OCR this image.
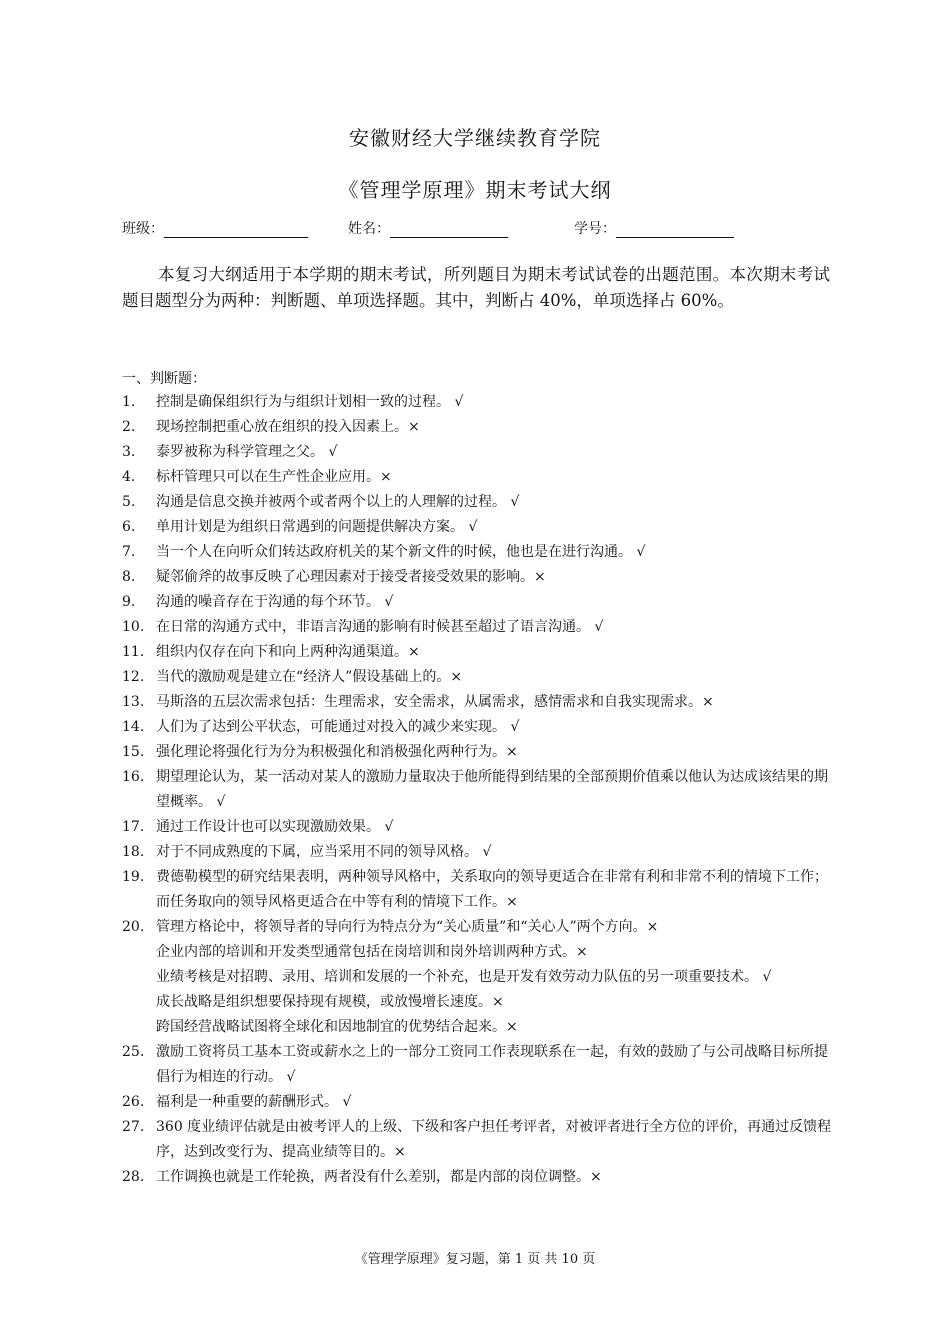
安徽财经大学继续教育学院
《管理学原理》期末考试大纲
班级：	姓名：	学号：
本复习大纲适用于本学期的期末考试，所列题目为期末考试试卷的出题范围。本次期末考试题目题型分为两种：判断题、单项选择题。其中，判断占 40%，单项选择占 60%。
一、判断题：
1. 控制是确保组织行为与组织计划相一致的过程。 √
2. 现场控制把重心放在组织的投入因素上。×
3. 泰罗被称为科学管理之父。 √
4. 标杆管理只可以在生产性企业应用。×
5. 沟通是信息交换并被两个或者两个以上的人理解的过程。 √
6. 单用计划是为组织日常遇到的问题提供解决方案。 √
7. 当一个人在向听众们转达政府机关的某个新文件的时候，他也是在进行沟通。 √
8. 疑邻偷斧的故事反映了心理因素对于接受者接受效果的影响。×
9. 沟通的噪音存在于沟通的每个环节。 √
10. 在日常的沟通方式中，非语言沟通的影响有时候甚至超过了语言沟通。 √
11. 组织内仅存在向下和向上两种沟通渠道。×
12. 当代的激励观是建立在“经济人”假设基础上的。×
13. 马斯洛的五层次需求包括：生理需求，安全需求，从属需求，感情需求和自我实现需求。×
14. 人们为了达到公平状态，可能通过对投入的减少来实现。 √
15. 强化理论将强化行为分为积极强化和消极强化两种行为。×
16. 期望理论认为，某一活动对某人的激励力量取决于他所能得到结果的全部预期价值乘以他认为达成该结果的期望概率。 √
17. 通过工作设计也可以实现激励效果。 √
18. 对于不同成熟度的下属，应当采用不同的领导风格。 √
19. 费德勒模型的研究结果表明，两种领导风格中，关系取向的领导更适合在非常有利和非常不利的情境下工作；而任务取向的领导风格更适合在中等有利的情境下工作。×
20. 管理方格论中，将领导者的导向行为特点分为“关心质量”和“关心人”两个方向。×
企业内部的培训和开发类型通常包括在岗培训和岗外培训两种方式。×
业绩考核是对招聘、录用、培训和发展的一个补充，也是开发有效劳动力队伍的另一项重要技术。 √
成长战略是组织想要保持现有规模，或放慢增长速度。×
跨国经营战略试图将全球化和因地制宜的优势结合起来。×
25. 激励工资将员工基本工资或薪水之上的一部分工资同工作表现联系在一起，有效的鼓励了与公司战略目标所提倡行为相连的行动。 √
26. 福利是一种重要的薪酬形式。 √
27. 360 度业绩评估就是由被考评人的上级、下级和客户担任考评者，对被评者进行全方位的评价，再通过反馈程序，达到改变行为、提高业绩等目的。×
28. 工作调换也就是工作轮换，两者没有什么差别，都是内部的岗位调整。×
《管理学原理》复习题，第 1 页 共 10 页
